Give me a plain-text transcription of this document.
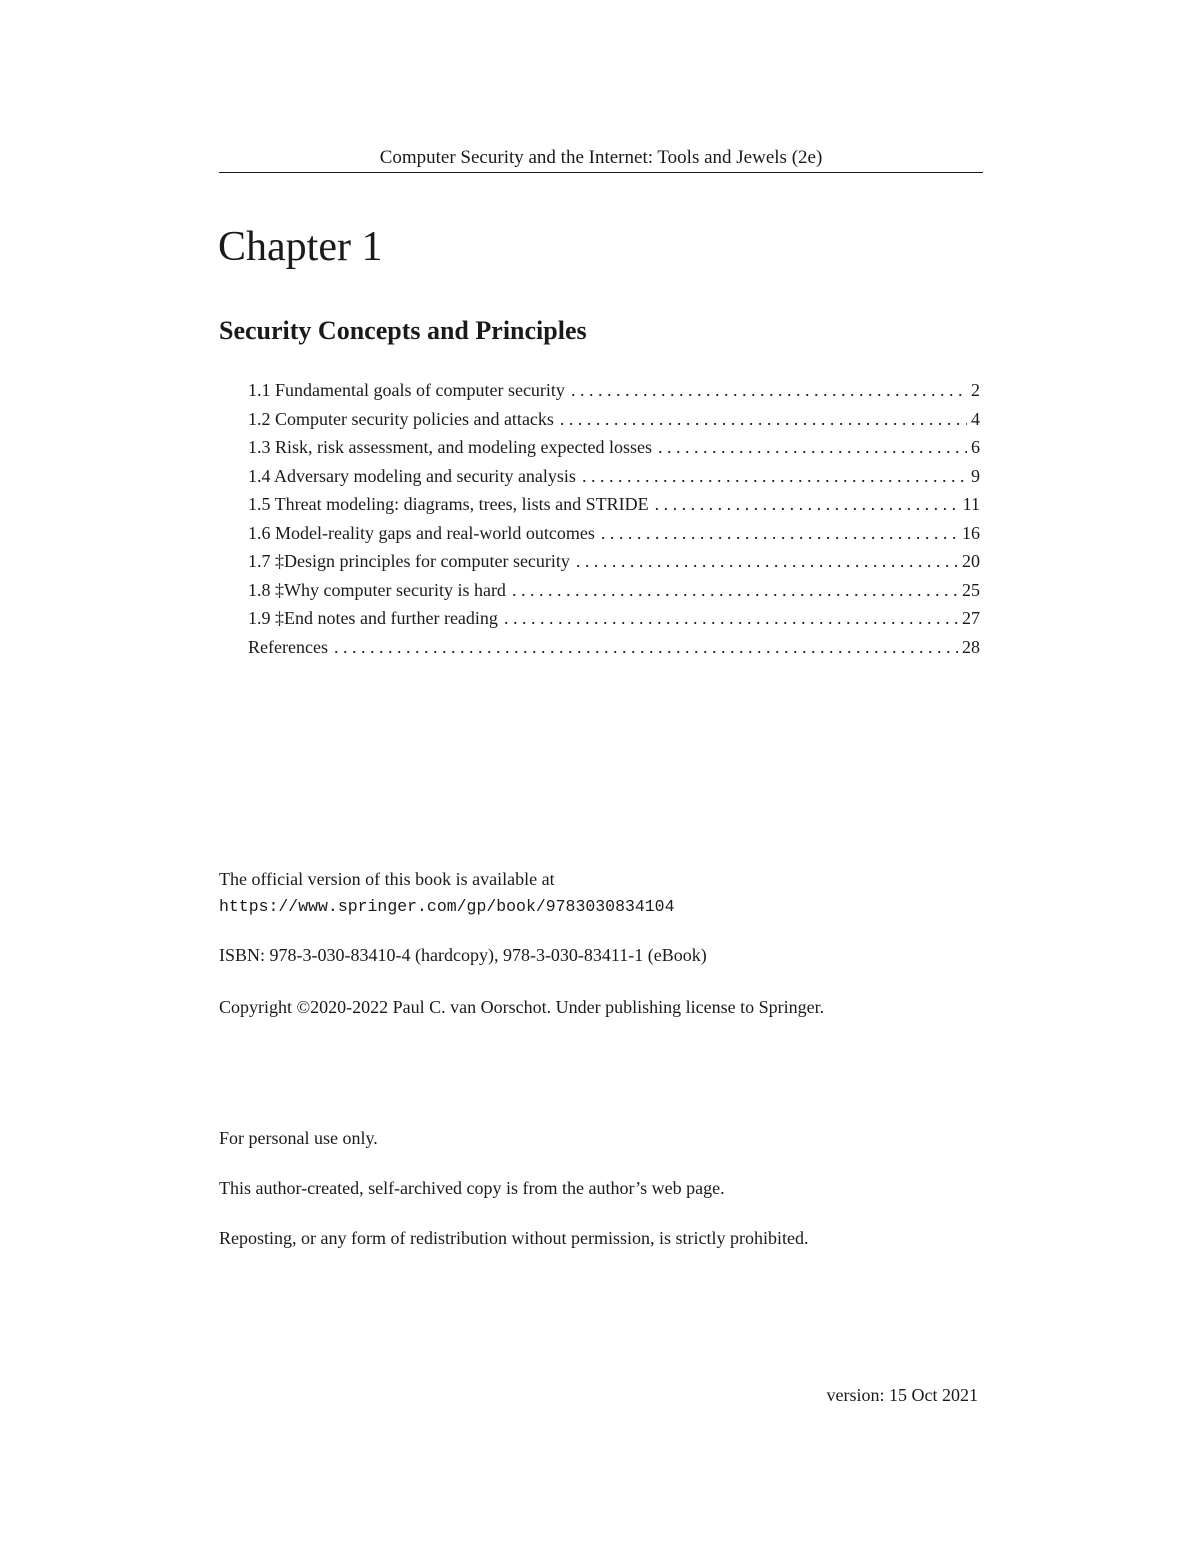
Computer Security and the Internet: Tools and Jewels (2e)
Chapter 1
Security Concepts and Principles
1.1 Fundamental goals of computer security . . .	2
1.2 Computer security policies and attacks . . .	4
1.3 Risk, risk assessment, and modeling expected losses . . .	6
1.4 Adversary modeling and security analysis . . .	9
1.5 Threat modeling: diagrams, trees, lists and STRIDE . . .	11
1.6 Model-reality gaps and real-world outcomes . . .	16
1.7 ‡Design principles for computer security . . .	20
1.8 ‡Why computer security is hard . . .	25
1.9 ‡End notes and further reading . . .	27
References . . .	28

The official version of this book is available at

https://www.springer.com/gp/book/9783030834104

ISBN: 978-3-030-83410-4 (hardcopy), 978-3-030-83411-1 (eBook)

Copyright ©2020-2022 Paul C. van Oorschot. Under publishing license to Springer.

For personal use only.

This author-created, self-archived copy is from the author’s web page.

Reposting, or any form of redistribution without permission, is strictly prohibited.

version: 15 Oct 2021
